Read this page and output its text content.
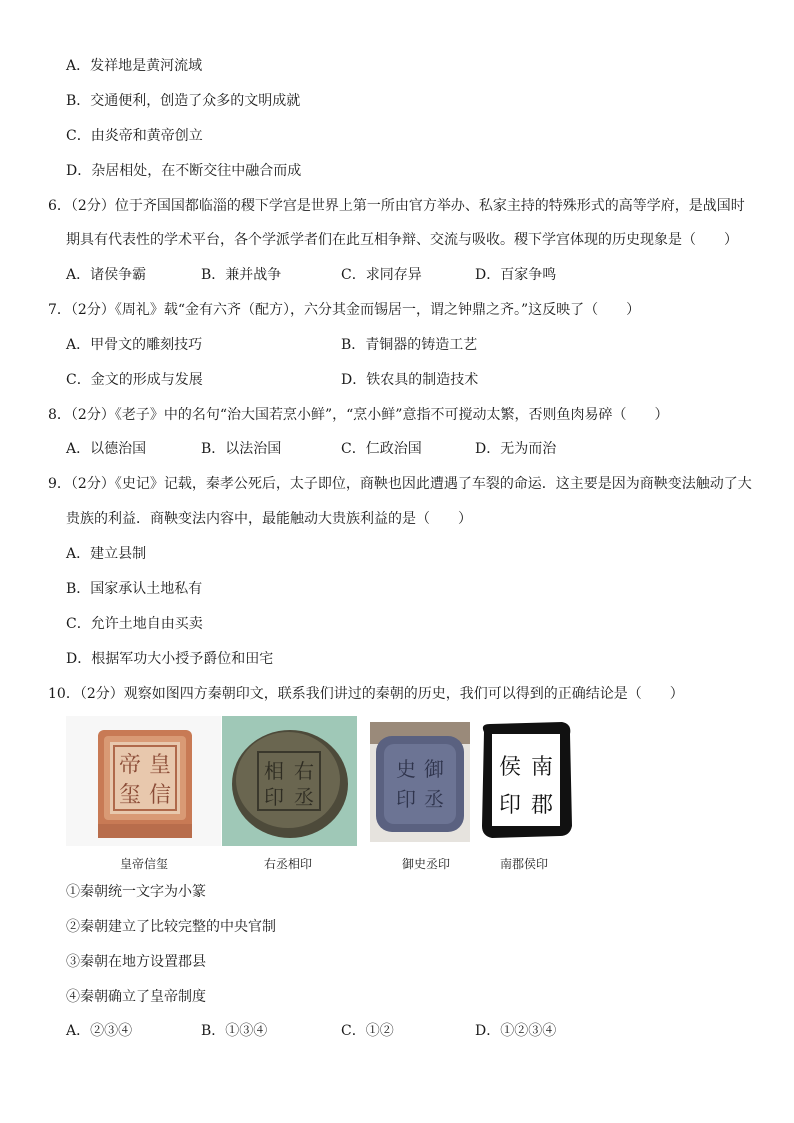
A．发祥地是黄河流域
B．交通便利，创造了众多的文明成就
C．由炎帝和黄帝创立
D．杂居相处，在不断交往中融合而成
6．（2分）位于齐国国都临淄的稷下学宫是世界上第一所由官方举办、私家主持的特殊形式的高等学府，是战国时
期具有代表性的学术平台，各个学派学者们在此互相争辩、交流与吸收。稷下学宫体现的历史现象是（　　）
A．诸侯争霸	B．兼并战争	C．求同存异	D．百家争鸣
7．（2分）《周礼》载“金有六齐（配方），六分其金而锡居一，谓之钟鼎之齐。”这反映了（　　）
A．甲骨文的雕刻技巧	B．青铜器的铸造工艺
C．金文的形成与发展	D．铁农具的制造技术
8．（2分）《老子》中的名句“治大国若烹小鲜”，“烹小鲜”意指不可搅动太繁，否则鱼肉易碎（　　）
A．以德治国	B．以法治国	C．仁政治国	D．无为而治
9．（2分）《史记》记载，秦孝公死后，太子即位，商鞅也因此遭遇了车裂的命运．这主要是因为商鞅变法触动了大
贵族的利益．商鞅变法内容中，最能触动大贵族利益的是（　　）
A．建立县制
B．国家承认土地私有
C．允许土地自由买卖
D．根据军功大小授予爵位和田宅
10．（2分）观察如图四方秦朝印文，联系我们讲过的秦朝的历史，我们可以得到的正确结论是（　　）
帝 皇
玺 信
相 右
印 丞
史 御
印 丞
侯 南
印 郡
皇帝信玺	右丞相印	御史丞印	南郡侯印
①秦朝统一文字为小篆
②秦朝建立了比较完整的中央官制
③秦朝在地方设置郡县
④秦朝确立了皇帝制度
A．②③④	B．①③④	C．①②	D．①②③④
